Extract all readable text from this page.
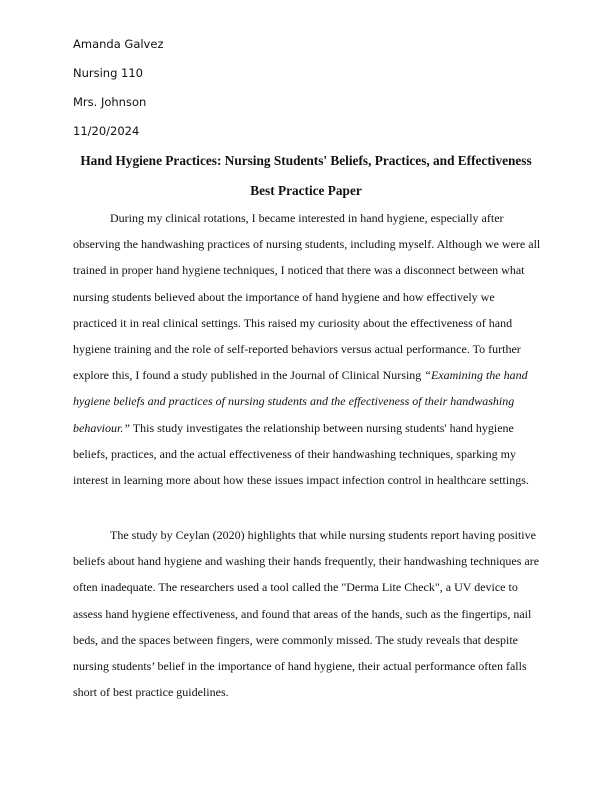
Amanda Galvez
Nursing 110
Mrs. Johnson
11/20/2024
Hand Hygiene Practices: Nursing Students' Beliefs, Practices, and Effectiveness
Best Practice Paper
During my clinical rotations, I became interested in hand hygiene, especially after
observing the handwashing practices of nursing students, including myself. Although we were all
trained in proper hand hygiene techniques, I noticed that there was a disconnect between what
nursing students believed about the importance of hand hygiene and how effectively we
practiced it in real clinical settings. This raised my curiosity about the effectiveness of hand
hygiene training and the role of self-reported behaviors versus actual performance. To further
explore this, I found a study published in the Journal of Clinical Nursing “Examining the hand
hygiene beliefs and practices of nursing students and the effectiveness of their handwashing
behaviour.” This study investigates the relationship between nursing students' hand hygiene
beliefs, practices, and the actual effectiveness of their handwashing techniques, sparking my
interest in learning more about how these issues impact infection control in healthcare settings.
The study by Ceylan (2020) highlights that while nursing students report having positive
beliefs about hand hygiene and washing their hands frequently, their handwashing techniques are
often inadequate. The researchers used a tool called the "Derma Lite Check", a UV device to
assess hand hygiene effectiveness, and found that areas of the hands, such as the fingertips, nail
beds, and the spaces between fingers, were commonly missed. The study reveals that despite
nursing students’ belief in the importance of hand hygiene, their actual performance often falls
short of best practice guidelines.
